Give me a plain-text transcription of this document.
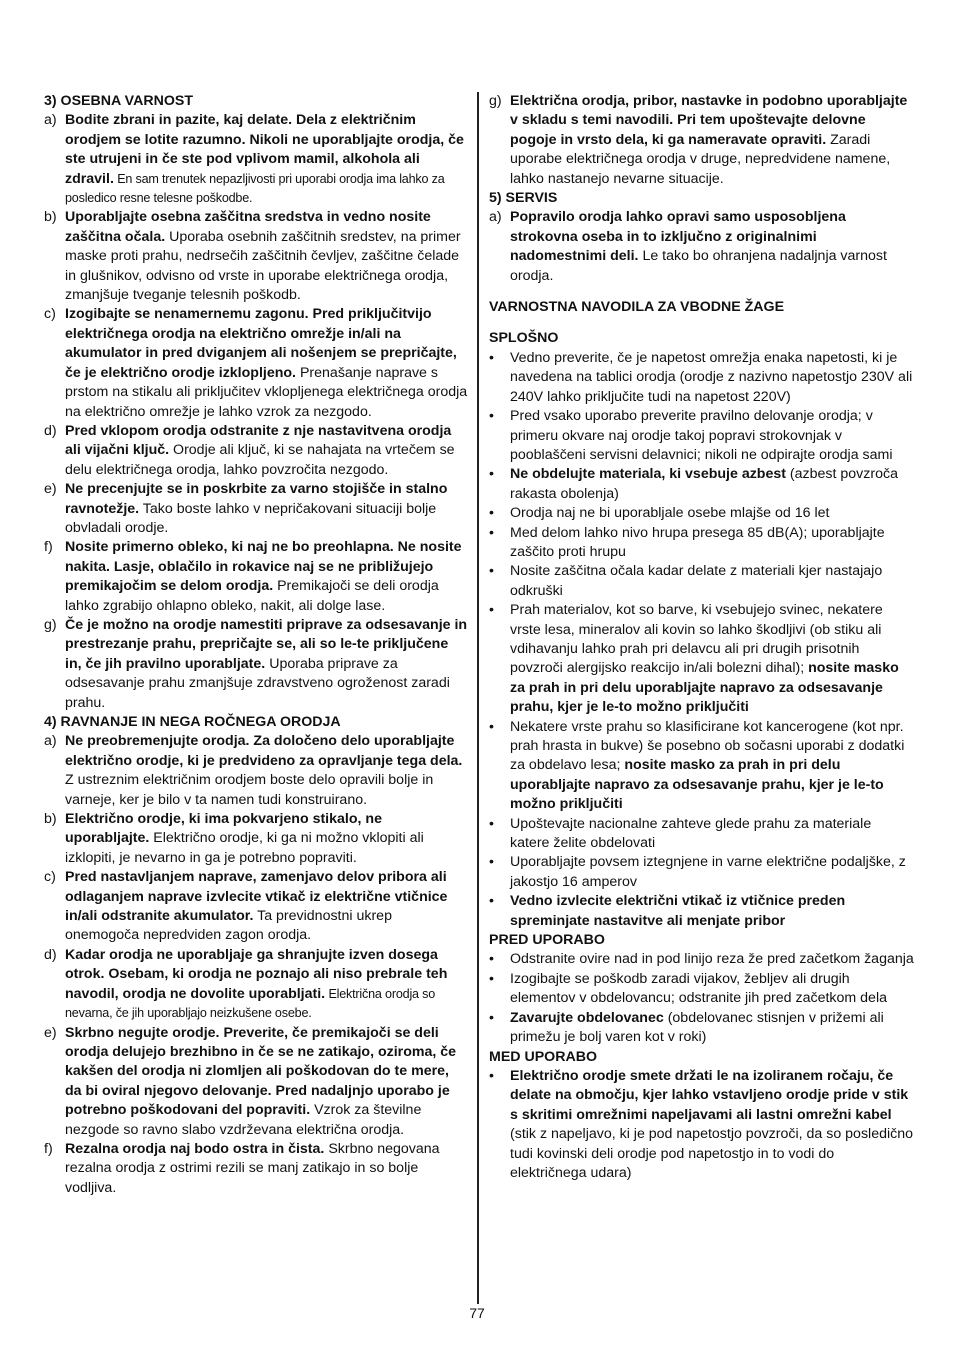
3) OSEBNA VARNOST
a) Bodite zbrani in pazite, kaj delate. Dela z električnim orodjem se lotite razumno. Nikoli ne uporabljajte orodja, če ste utrujeni in če ste pod vplivom mamil, alkohola ali zdravil. En sam trenutek nepazljivosti pri uporabi orodja ima lahko za posledico resne telesne poškodbe.
b) Uporabljajte osebna zaščitna sredstva in vedno nosite zaščitna očala. Uporaba osebnih zaščitnih sredstev, na primer maske proti prahu, nedrsečih zaščitnih čevljev, zaščitne čelade in glušnikov, odvisno od vrste in uporabe električnega orodja, zmanjšuje tveganje telesnih poškodb.
c) Izogibajte se nenamernemu zagonu. Pred priključitvijo električnega orodja na električno omrežje in/ali na akumulator in pred dviganjem ali nošenjem se prepričajte, če je električno orodje izklopljeno. Prenašanje naprave s prstom na stikalu ali priključitev vklopljenega električnega orodja na električno omrežje je lahko vzrok za nezgodo.
d) Pred vklopom orodja odstranite z nje nastavitvena orodja ali vijačni ključ. Orodje ali ključ, ki se nahajata na vrtečem se delu električnega orodja, lahko povzročita nezgodo.
e) Ne precenjujte se in poskrbite za varno stojišče in stalno ravnotežje. Tako boste lahko v nepričakovani situaciji bolje obvladali orodje.
f) Nosite primerno obleko, ki naj ne bo preohlapna. Ne nosite nakita. Lasje, oblačilo in rokavice naj se ne približujejo premikajočim se delom orodja. Premikajoči se deli orodja lahko zgrabijo ohlapno obleko, nakit, ali dolge lase.
g) Če je možno na orodje namestiti priprave za odsesavanje in prestrezanje prahu, prepričajte se, ali so le-te priključene in, če jih pravilno uporabljate. Uporaba priprave za odsesavanje prahu zmanjšuje zdravstveno ogroženost zaradi prahu.
4) RAVNANJE IN NEGA ROČNEGA ORODJA
a) Ne preobremenjujte orodja. Za določeno delo uporabljajte električno orodje, ki je predvideno za opravljanje tega dela. Z ustreznim električnim orodjem boste delo opravili bolje in varneje, ker je bilo v ta namen tudi konstruirano.
b) Električno orodje, ki ima pokvarjeno stikalo, ne uporabljajte. Električno orodje, ki ga ni možno vklopiti ali izklopiti, je nevarno in ga je potrebno popraviti.
c) Pred nastavljanjem naprave, zamenjavo delov pribora ali odlaganjem naprave izvlecite vtikač iz električne vtičnice in/ali odstranite akumulator. Ta previdnostni ukrep onemogoča nepredviden zagon orodja.
d) Kadar orodja ne uporabljaje ga shranjujte izven dosega otrok. Osebam, ki orodja ne poznajo ali niso prebrale teh navodil, orodja ne dovolite uporabljati. Električna orodja so nevarna, če jih uporabljajo neizkušene osebe.
e) Skrbno negujte orodje. Preverite, če premikajoči se deli orodja delujejo brezhibno in če se ne zatikajo, oziroma, če kakšen del orodja ni zlomljen ali poškodovan do te mere, da bi oviral njegovo delovanje. Pred nadaljnjo uporabo je potrebno poškodovani del popraviti. Vzrok za številne nezgode so ravno slabo vzdrževana električna orodja.
f) Rezalna orodja naj bodo ostra in čista. Skrbno negovana rezalna orodja z ostrimi rezili se manj zatikajo in so bolje vodljiva.
g) Električna orodja, pribor, nastavke in podobno uporabljajte v skladu s temi navodili. Pri tem upoštevajte delovne pogoje in vrsto dela, ki ga nameravate opraviti. Zaradi uporabe električnega orodja v druge, nepredvidene namene, lahko nastanejo nevarne situacije.
5) SERVIS
a) Popravilo orodja lahko opravi samo usposobljena strokovna oseba in to izključno z originalnimi nadomestnimi deli. Le tako bo ohranjena nadaljnja varnost orodja.
VARNOSTNA NAVODILA ZA VBODNE ŽAGE
SPLOŠNO
• Vedno preverite, če je napetost omrežja enaka napetosti, ki je navedena na tablici orodja (orodje z nazivno napetostjo 230V ali 240V lahko priključite tudi na napetost 220V)
• Pred vsako uporabo preverite pravilno delovanje orodja; v primeru okvare naj orodje takoj popravi strokovnjak v pooblaščeni servisni delavnici; nikoli ne odpirajte orodja sami
• Ne obdelujte materiala, ki vsebuje azbest (azbest povzroča rakasta obolenja)
• Orodja naj ne bi uporabljale osebe mlajše od 16 let
• Med delom lahko nivo hrupa presega 85 dB(A); uporabljajte zaščito proti hrupu
• Nosite zaščitna očala kadar delate z materiali kjer nastajajo odkruški
• Prah materialov, kot so barve, ki vsebujejo svinec, nekatere vrste lesa, mineralov ali kovin so lahko škodljivi (ob stiku ali vdihavanju lahko prah pri delavcu ali pri drugih prisotnih povzroči alergijsko reakcijo in/ali bolezni dihal); nosite masko za prah in pri delu uporabljajte napravo za odsesavanje prahu, kjer je le-to možno priključiti
• Nekatere vrste prahu so klasificirane kot kancerogene (kot npr. prah hrasta in bukve) še posebno ob sočasni uporabi z dodatki za obdelavo lesa; nosite masko za prah in pri delu uporabljajte napravo za odsesavanje prahu, kjer je le-to možno priključiti
• Upoštevajte nacionalne zahteve glede prahu za materiale katere želite obdelovati
• Uporabljajte povsem iztegnjene in varne električne podaljške, z jakostjo 16 amperov
• Vedno izvlecite električni vtikač iz vtičnice preden spreminjate nastavitve ali menjate pribor
PRED UPORABO
• Odstranite ovire nad in pod linijo reza že pred začetkom žaganja
• Izogibajte se poškodb zaradi vijakov, žebljev ali drugih elementov v obdelovancu; odstranite jih pred začetkom dela
• Zavarujte obdelovanec (obdelovanec stisnjen v prižemi ali primežu je bolj varen kot v roki)
MED UPORABO
• Električno orodje smete držati le na izoliranem ročaju, če delate na območju, kjer lahko vstavljeno orodje pride v stik s skritimi omrežnimi napeljavami ali lastni omrežni kabel (stik z napeljavo, ki je pod napetostjo povzroči, da so posledično tudi kovinski deli orodje pod napetostjo in to vodi do električnega udara)
77
